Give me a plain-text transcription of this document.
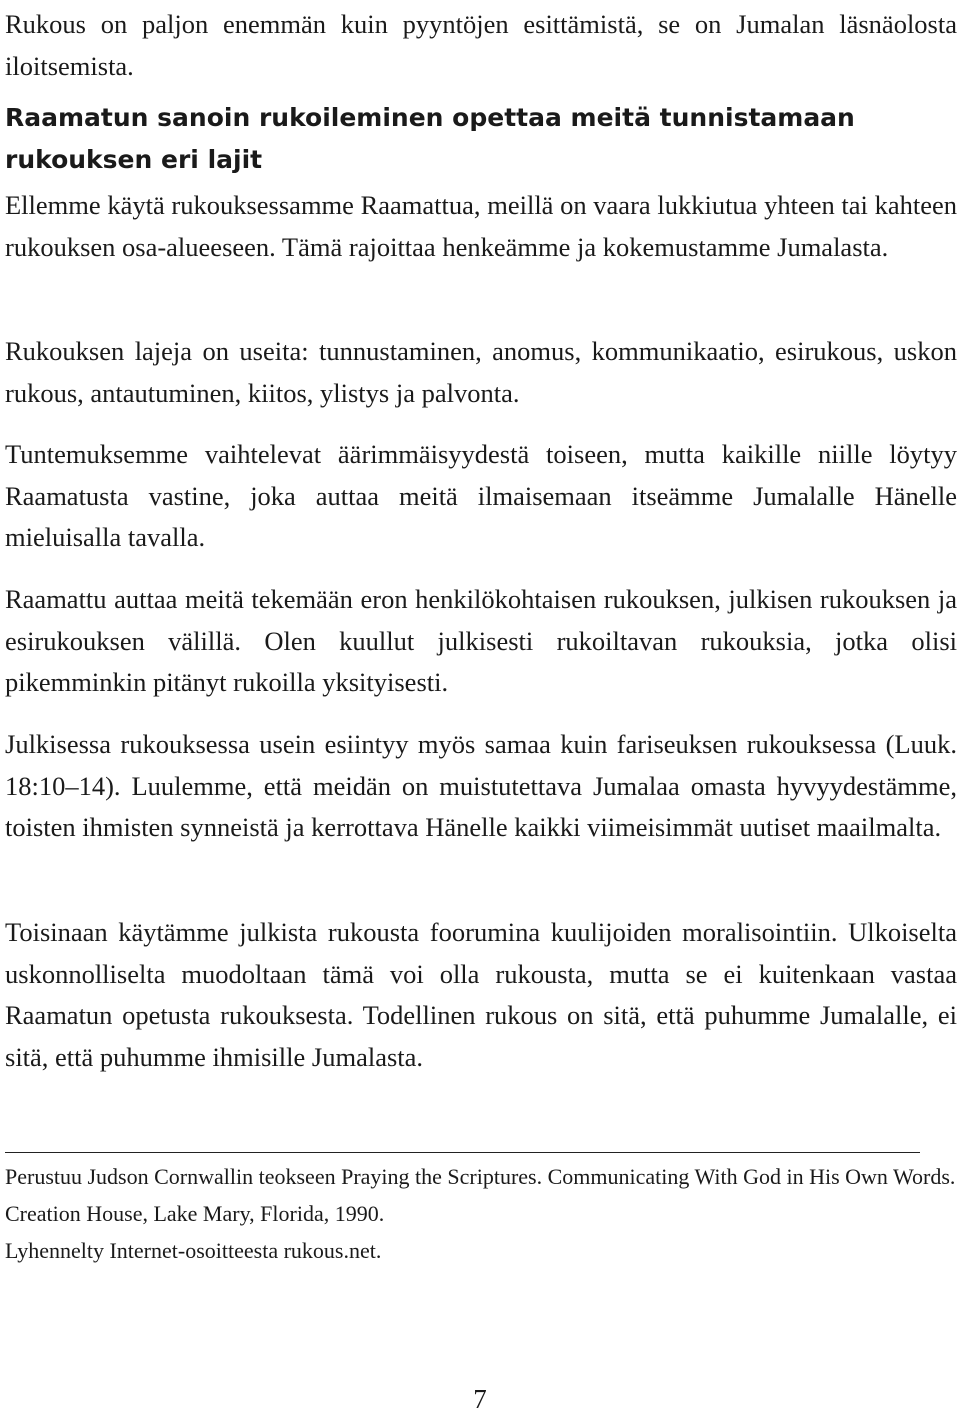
Rukous on paljon enemmän kuin pyyntöjen esittämistä, se on Jumalan läsnäolosta iloitsemista.

Raamatun sanoin rukoileminen opettaa meitä tunnistamaan rukouksen eri lajit

Ellemme käytä rukouksessamme Raamattua, meillä on vaara lukkiutua yhteen tai kahteen rukouksen osa-alueeseen. Tämä rajoittaa henkeämme ja kokemustamme Jumalasta.

Rukouksen lajeja on useita: tunnustaminen, anomus, kommunikaatio, esirukous, uskon rukous, antautuminen, kiitos, ylistys ja palvonta.

Tuntemuksemme vaihtelevat äärimmäisyydestä toiseen, mutta kaikille niille löytyy Raamatusta vastine, joka auttaa meitä ilmaisemaan itseämme Jumalalle Hänelle mieluisalla tavalla.

Raamattu auttaa meitä tekemään eron henkilökohtaisen rukouksen, julkisen rukouksen ja esirukouksen välillä. Olen kuullut julkisesti rukoiltavan rukouksia, jotka olisi pikemminkin pitänyt rukoilla yksityisesti.

Julkisessa rukouksessa usein esiintyy myös samaa kuin fariseuksen rukouksessa (Luuk. 18:10–14). Luulemme, että meidän on muistutettava Jumalaa omasta hyvyydestämme, toisten ihmisten synneistä ja kerrottava Hänelle kaikki viimeisimmät uutiset maailmalta.

Toisinaan käytämme julkista rukousta foorumina kuulijoiden moralisointiin. Ulkoiselta uskonnolliselta muodoltaan tämä voi olla rukousta, mutta se ei kuitenkaan vastaa Raamatun opetusta rukouksesta. Todellinen rukous on sitä, että puhumme Jumalalle, ei sitä, että puhumme ihmisille Jumalasta.

Perustuu Judson Cornwallin teokseen Praying the Scriptures. Communicating With God in His Own Words. Creation House, Lake Mary, Florida, 1990.

Lyhennelty Internet-osoitteesta rukous.net.

7
